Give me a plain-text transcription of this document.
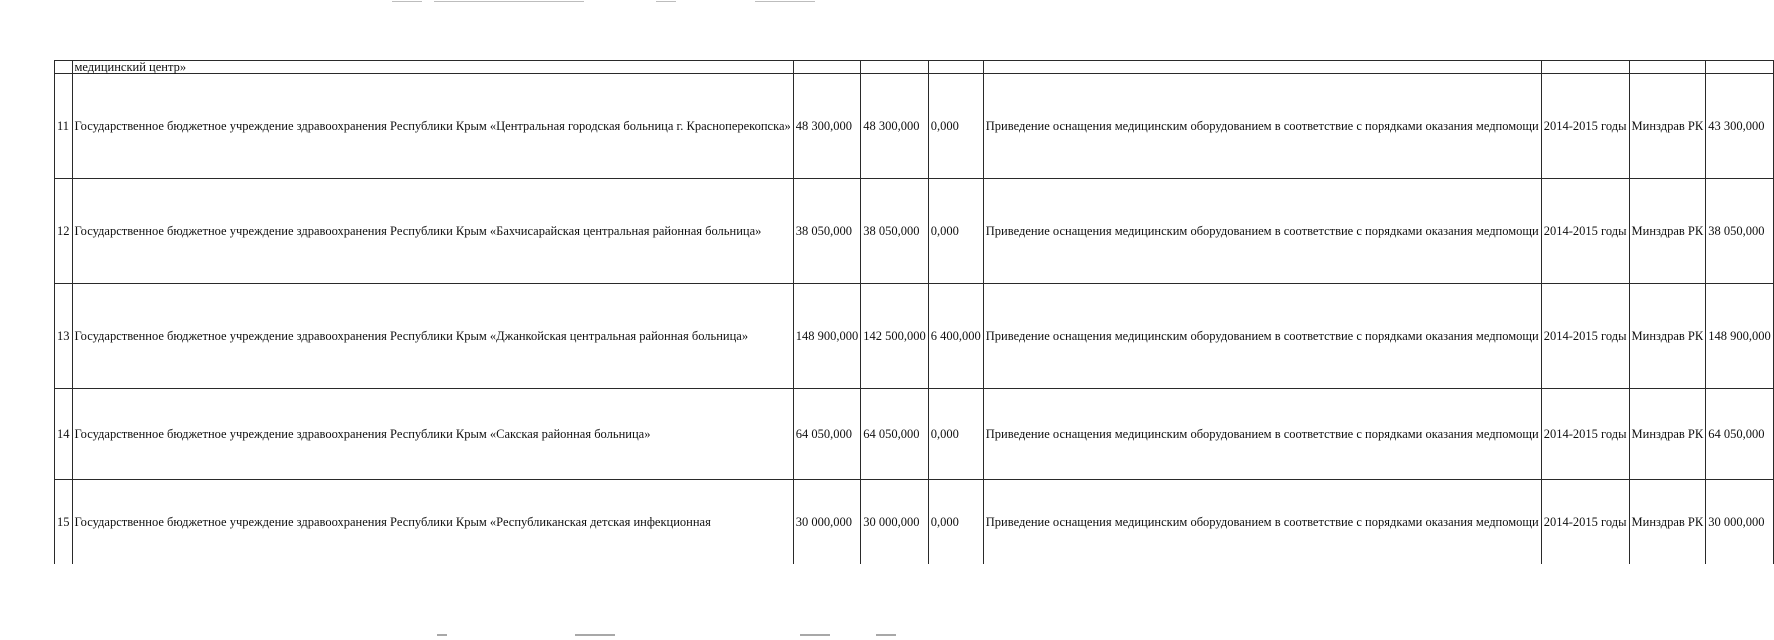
	медицинский центр»							
11	Государственное бюджетное учреждение здравоохранения Республики Крым «Центральная городская больница г. Красноперекопска»	48 300,000	48 300,000	0,000	Приведение оснащения медицинским оборудованием в соответствие с порядками оказания медпомощи	2014-2015 годы	Минздрав РК	43 300,000
12	Государственное бюджетное учреждение здравоохранения Республики Крым «Бахчисарайская центральная районная больница»	38 050,000	38 050,000	0,000	Приведение оснащения медицинским оборудованием в соответствие с порядками оказания медпомощи	2014-2015 годы	Минздрав РК	38 050,000
13	Государственное бюджетное учреждение здравоохранения Республики Крым «Джанкойская центральная районная больница»	148 900,000	142 500,000	6 400,000	Приведение оснащения медицинским оборудованием в соответствие с порядками оказания медпомощи	2014-2015 годы	Минздрав РК	148 900,000
14	Государственное бюджетное учреждение здравоохранения Республики Крым «Сакская районная больница»	64 050,000	64 050,000	0,000	Приведение оснащения медицинским оборудованием в соответствие с порядками оказания медпомощи	2014-2015 годы	Минздрав РК	64 050,000
15	Государственное бюджетное учреждение здравоохранения Республики Крым «Республиканская детская инфекционная	30 000,000	30 000,000	0,000	Приведение оснащения медицинским оборудованием в соответствие с порядками оказания медпомощи	2014-2015 годы	Минздрав РК	30 000,000
